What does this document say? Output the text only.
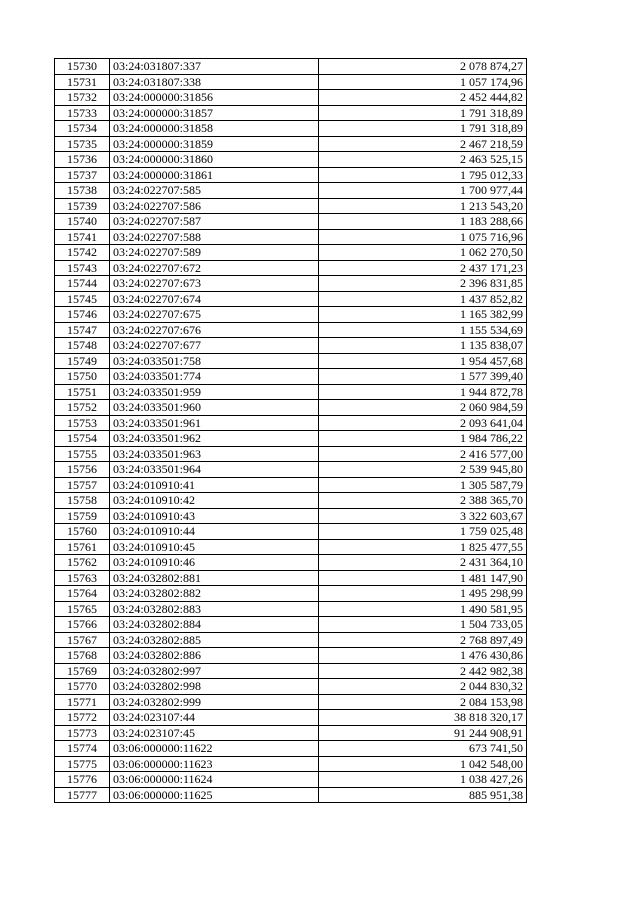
15730	03:24:031807:337	2 078 874,27
15731	03:24:031807:338	1 057 174,96
15732	03:24:000000:31856	2 452 444,82
15733	03:24:000000:31857	1 791 318,89
15734	03:24:000000:31858	1 791 318,89
15735	03:24:000000:31859	2 467 218,59
15736	03:24:000000:31860	2 463 525,15
15737	03:24:000000:31861	1 795 012,33
15738	03:24:022707:585	1 700 977,44
15739	03:24:022707:586	1 213 543,20
15740	03:24:022707:587	1 183 288,66
15741	03:24:022707:588	1 075 716,96
15742	03:24:022707:589	1 062 270,50
15743	03:24:022707:672	2 437 171,23
15744	03:24:022707:673	2 396 831,85
15745	03:24:022707:674	1 437 852,82
15746	03:24:022707:675	1 165 382,99
15747	03:24:022707:676	1 155 534,69
15748	03:24:022707:677	1 135 838,07
15749	03:24:033501:758	1 954 457,68
15750	03:24:033501:774	1 577 399,40
15751	03:24:033501:959	1 944 872,78
15752	03:24:033501:960	2 060 984,59
15753	03:24:033501:961	2 093 641,04
15754	03:24:033501:962	1 984 786,22
15755	03:24:033501:963	2 416 577,00
15756	03:24:033501:964	2 539 945,80
15757	03:24:010910:41	1 305 587,79
15758	03:24:010910:42	2 388 365,70
15759	03:24:010910:43	3 322 603,67
15760	03:24:010910:44	1 759 025,48
15761	03:24:010910:45	1 825 477,55
15762	03:24:010910:46	2 431 364,10
15763	03:24:032802:881	1 481 147,90
15764	03:24:032802:882	1 495 298,99
15765	03:24:032802:883	1 490 581,95
15766	03:24:032802:884	1 504 733,05
15767	03:24:032802:885	2 768 897,49
15768	03:24:032802:886	1 476 430,86
15769	03:24:032802:997	2 442 982,38
15770	03:24:032802:998	2 044 830,32
15771	03:24:032802:999	2 084 153,98
15772	03:24:023107:44	38 818 320,17
15773	03:24:023107:45	91 244 908,91
15774	03:06:000000:11622	673 741,50
15775	03:06:000000:11623	1 042 548,00
15776	03:06:000000:11624	1 038 427,26
15777	03:06:000000:11625	885 951,38
